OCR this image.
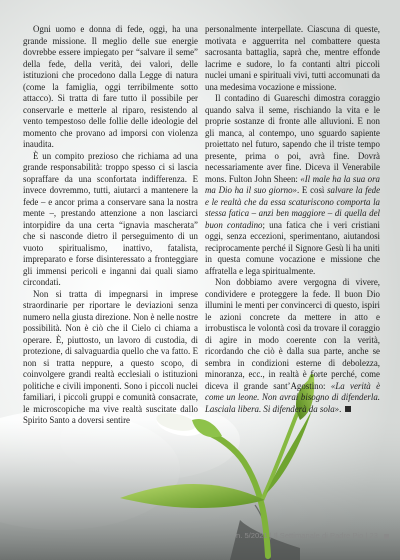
Ogni uomo e donna di fede, oggi, ha una grande missione. Il meglio delle sue energie dovrebbe essere impiegato per “salvare il seme” della fede, della verità, dei valori, delle istituzioni che procedono dalla Legge di natura (come la famiglia, oggi terribilmente sotto attacco). Si tratta di fare tutto il possibile per conservarle e metterle al riparo, resistendo al vento tempestoso delle follie delle ideologie del momento che provano ad imporsi con violenza inaudita.

È un compito prezioso che richiama ad una grande responsabilità: troppo spesso ci si lascia sopraffare da una sconfortata indifferenza. E invece dovremmo, tutti, aiutarci a mantenere la fede – e ancor prima a conservare sana la nostra mente –, prestando attenzione a non lasciarci intorpidire da una certa “ignavia mascherata” che si nasconde dietro il perseguimento di un vuoto spiritualismo, inattivo, fatalista, impreparato e forse disinteressato a fronteggiare gli immensi pericoli e inganni dai quali siamo circondati.

Non si tratta di impegnarsi in imprese straordinarie per riportare le deviazioni senza numero nella giusta direzione. Non è nelle nostre possibilità. Non è ciò che il Cielo ci chiama a operare. È, piuttosto, un lavoro di custodia, di protezione, di salvaguardia quello che va fatto. E non si tratta neppure, a questo scopo, di coinvolgere grandi realtà ecclesiali o istituzioni politiche e civili imponenti. Sono i piccoli nuclei familiari, i piccoli gruppi e comunità consacrate, le microscopiche ma vive realtà suscitate dallo Spirito Santo a doversi sentire

personalmente interpellate. Ciascuna di queste, motivata e agguerrita nel combattere questa sacrosanta battaglia, saprà che, mentre effonde lacrime e sudore, lo fa contanti altri piccoli nuclei umani e spirituali vivi, tutti accomunati da una medesima vocazione e missione.

Il contadino di Guareschi dimostra coraggio quando salva il seme, rischiando la vita e le proprie sostanze di fronte alle alluvioni. E non gli manca, al contempo, uno sguardo sapiente proiettato nel futuro, sapendo che il triste tempo presente, prima o poi, avrà fine. Dovrà necessariamente aver fine. Diceva il Venerabile mons. Fulton John Sheen: «Il male ha la sua ora ma Dio ha il suo giorno». E così salvare la fede e le realtà che da essa scaturiscono comporta la stessa fatica – anzi ben maggiore – di quella del buon contadino; una fatica che i veri cristiani oggi, senza eccezioni, sperimentano, aiutandosi reciprocamente perché il Signore Gesù li ha uniti in questa comune vocazione e missione che affratella e lega spiritualmente.

Non dobbiamo avere vergogna di vivere, condividere e proteggere la fede. Il buon Dio illumini le menti per convincerci di questo, ispiri le azioni concrete da mettere in atto e irrobustisca le volontà così da trovare il coraggio di agire in modo coerente con la verità, ricordando che ciò è dalla sua parte, anche se sembra in condizioni esterne di debolezza, minoranza, ecc., in realtà è forte perché, come diceva il grande sant’Agostino: «La verità è come un leone. Non avrai bisogno di difenderla. Lasciala libera. Si difenderà da sola».

n. 5/2021 | Il Settimanale di Padre Pio | 23
